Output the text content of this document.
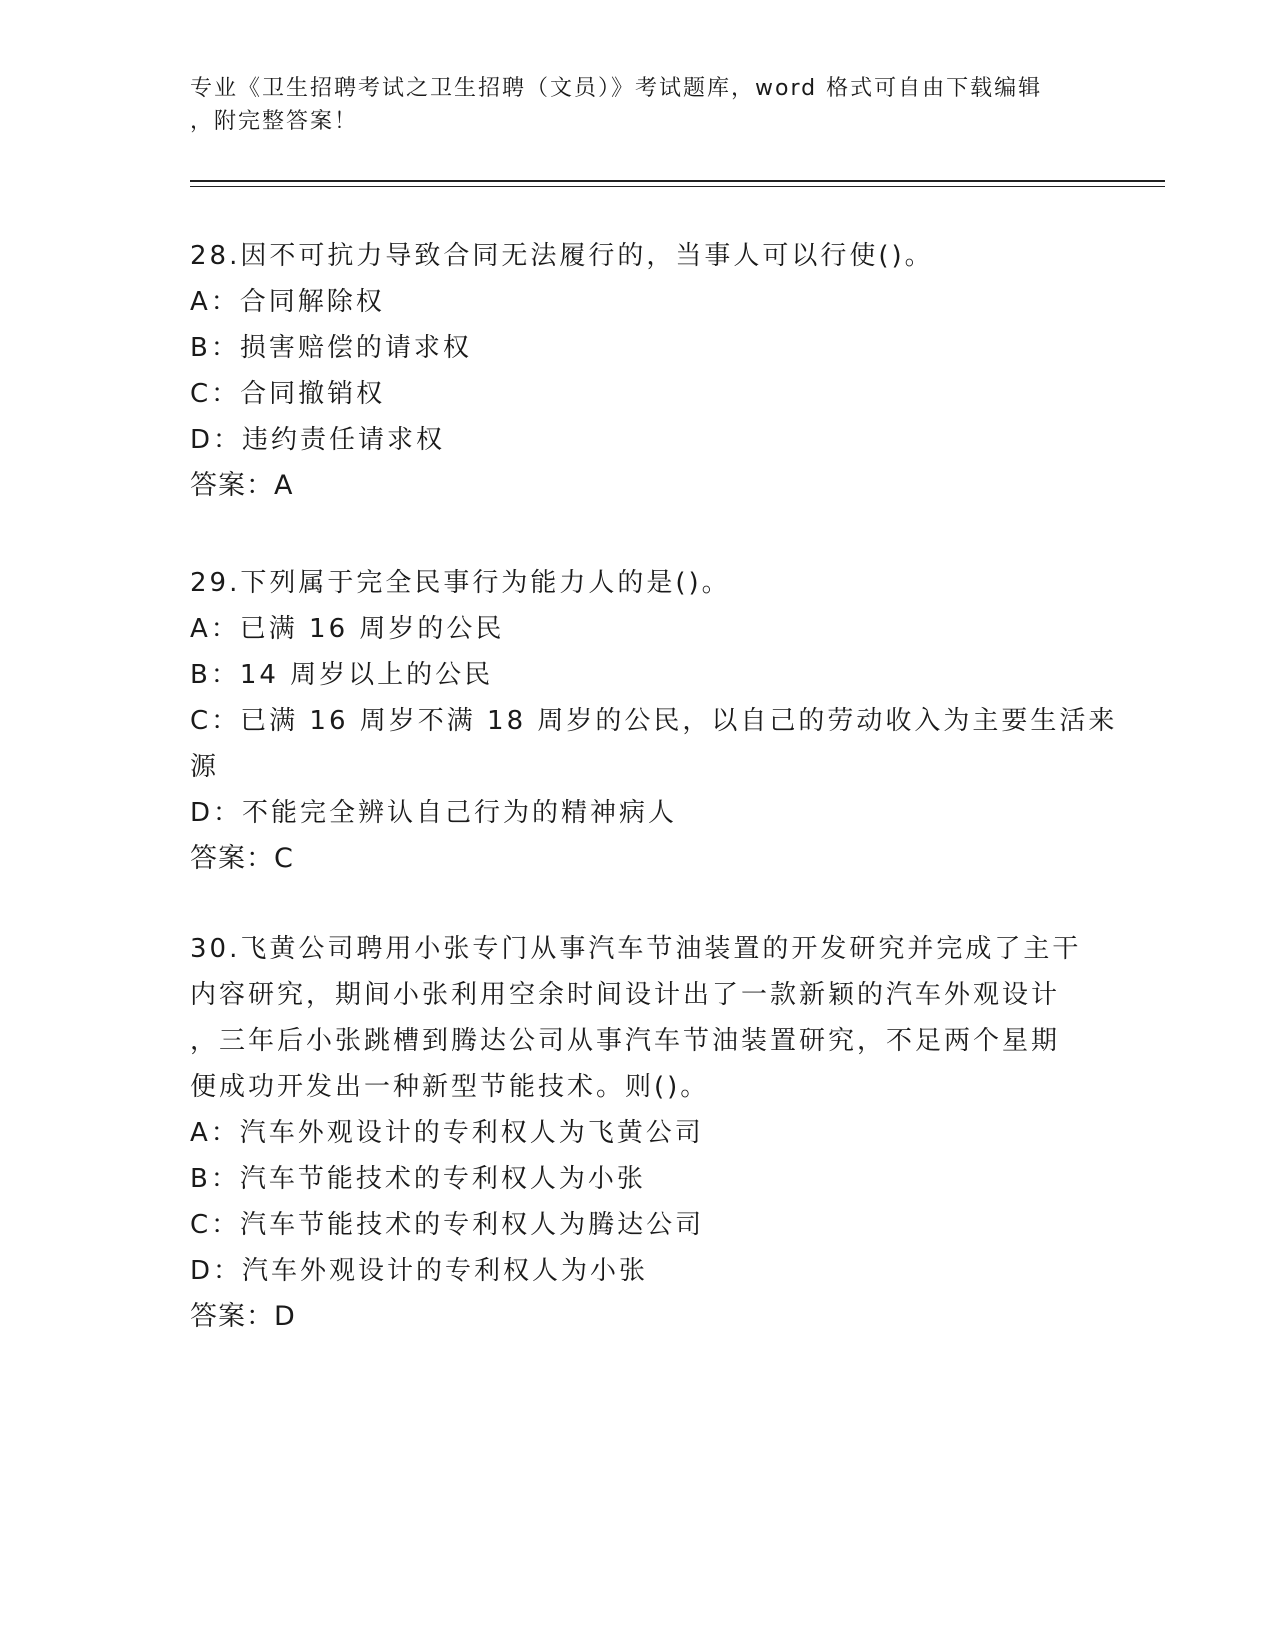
专业《卫生招聘考试之卫生招聘（文员）》考试题库，word 格式可自由下载编辑
，附完整答案！
28.因不可抗力导致合同无法履行的，当事人可以行使()。
A：合同解除权
B：损害赔偿的请求权
C：合同撤销权
D：违约责任请求权
答案：A
29.下列属于完全民事行为能力人的是()。
A：已满 16 周岁的公民
B：14 周岁以上的公民
C：已满 16 周岁不满 18 周岁的公民，以自己的劳动收入为主要生活来
源
D：不能完全辨认自己行为的精神病人
答案：C
30.飞黄公司聘用小张专门从事汽车节油装置的开发研究并完成了主干
内容研究，期间小张利用空余时间设计出了一款新颖的汽车外观设计
，三年后小张跳槽到腾达公司从事汽车节油装置研究，不足两个星期
便成功开发出一种新型节能技术。则()。
A：汽车外观设计的专利权人为飞黄公司
B：汽车节能技术的专利权人为小张
C：汽车节能技术的专利权人为腾达公司
D：汽车外观设计的专利权人为小张
答案：D
